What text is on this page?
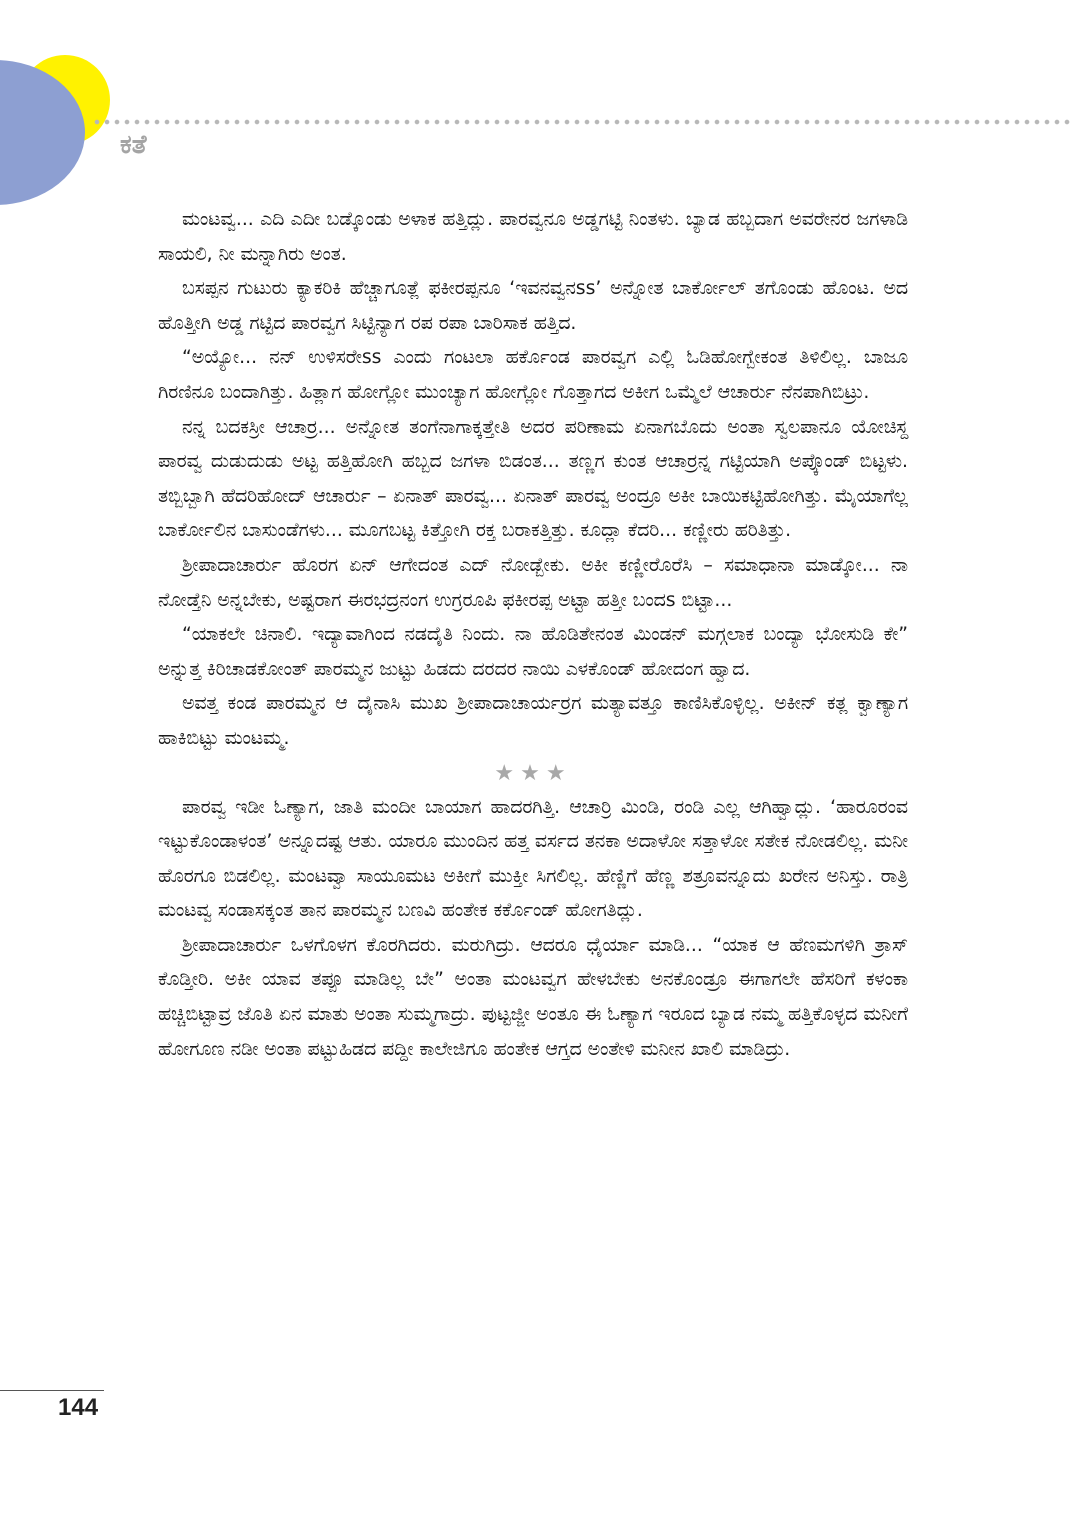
ಕತೆ

ಮಂಟವ್ವ... ಎದಿ ಎದೀ ಬಡ್ಕೊಂಡು ಅಳಾಕ ಹತ್ತಿದ್ಲು. ಪಾರವ್ವನೂ ಅಡ್ಡಗಟ್ಟಿ ನಿಂತಳು. ಬ್ಯಾಡ ಹಬ್ಬದಾಗ ಅವರೇನರ ಜಗಳಾಡಿ ಸಾಯಲಿ, ನೀ ಮನ್ನಾಗಿರು ಅಂತ.

ಬಸಪ್ಪನ ಗುಟುರು ಕ್ಯಾಕರಿಕಿ ಹೆಚ್ಚಾಗೂತ್ಲೆ ಫಕೀರಪ್ಪನೂ ‘ಇವನವ್ವನss’ ಅನ್ನೋತ ಬಾರ್ಕೋಲ್ ತಗೊಂಡು ಹೊಂಟ. ಅದ ಹೊತ್ತೀಗಿ ಅಡ್ಡ ಗಟ್ಟಿದ ಪಾರವ್ವಗ ಸಿಟ್ಟಿನ್ಯಾಗ ರಪ ರಪಾ ಬಾರಿಸಾಕ ಹತ್ತಿದ.

“ಅಯ್ಯೋ... ನನ್ ಉಳಿಸರೇss ಎಂದು ಗಂಟಲಾ ಹರ್ಕೊಂಡ ಪಾರವ್ವಗ ಎಲ್ಲಿ ಓಡಿಹೋಗ್ಬೇಕಂತ ತಿಳಿಲಿಲ್ಲ. ಬಾಜೂ ಗಿರಣಿನೂ ಬಂದಾಗಿತ್ತು. ಹಿತ್ಲಾಗ ಹೋಗ್ಲೋ ಮುಂಚ್ಯಾಗ ಹೋಗ್ಲೋ ಗೊತ್ತಾಗದ ಅಕೀಗ ಒಮ್ಮೆಲೆ ಆಚಾರ್ರು ನೆನಪಾಗಿಬಿಟ್ರು.

ನನ್ನ ಬದಕಸ್ರೀ ಆಚಾರ್ರ... ಅನ್ನೋತ ತಂಗೆನಾಗಾಕ್ಕತ್ತೇತಿ ಅದರ ಪರಿಣಾಮ ಏನಾಗಬೊದು ಅಂತಾ ಸ್ವಲಪಾನೂ ಯೋಚಿಸ್ದ ಪಾರವ್ವ ದುಡುದುಡು ಅಟ್ಟ ಹತ್ತಿಹೋಗಿ ಹಬ್ಬದ ಜಗಳಾ ಬಿಡಂತ... ತಣ್ಣಗ ಕುಂತ ಆಚಾರ್ರನ್ನ ಗಟ್ಟಿಯಾಗಿ ಅಪ್ಕೊಂಡ್ ಬಿಟ್ಟಳು. ತಬ್ಬಿಬ್ಬಾಗಿ ಹೆದರಿಹೋದ್ ಆಚಾರ್ರು – ಏನಾತ್ ಪಾರವ್ವ... ಏನಾತ್ ಪಾರವ್ವ ಅಂದ್ರೂ ಅಕೀ ಬಾಯಿಕಟ್ಟಿಹೋಗಿತ್ತು. ಮೈಯಾಗೆಲ್ಲ ಬಾರ್ಕೋಲಿನ ಬಾಸುಂಡೆಗಳು... ಮೂಗಬಟ್ಟ ಕಿತ್ತೋಗಿ ರಕ್ತ ಬರಾಕತ್ತಿತ್ತು. ಕೂದ್ಲಾ ಕೆದರಿ... ಕಣ್ಣೀರು ಹರಿತಿತ್ತು.

ಶ್ರೀಪಾದಾಚಾರ್ರು ಹೊರಗ ಏನ್ ಆಗೇದಂತ ಎದ್ ನೋಡ್ಬೇಕು. ಅಕೀ ಕಣ್ಣೀರೊರೆಸಿ – ಸಮಾಧಾನಾ ಮಾಡ್ಕೋ... ನಾ ನೋಡ್ತೆನಿ ಅನ್ನಬೇಕು, ಅಷ್ಟರಾಗ ಈರಭದ್ರನಂಗ ಉಗ್ರರೂಪಿ ಫಕೀರಪ್ಪ ಅಟ್ಟಾ ಹತ್ತೀ ಬಂದs ಬಿಟ್ಟಾ...

“ಯಾಕಲೇ ಚಿನಾಲಿ. ಇದ್ಯಾವಾಗಿಂದ ನಡದೈತಿ ನಿಂದು. ನಾ ಹೊಡಿತೇನಂತ ಮಿಂಡನ್ ಮಗ್ಗಲಾಕ ಬಂದ್ಯಾ ಭೋಸುಡಿ ಕೇ” ಅನ್ನುತ್ತ ಕಿರಿಚಾಡಕೋಂತ್ ಪಾರಮ್ಮನ ಜುಟ್ಟು ಹಿಡದು ದರದರ ನಾಯಿ ಎಳಕೊಂಡ್ ಹೋದಂಗ ಹ್ವಾದ.

ಅವತ್ತ ಕಂಡ ಪಾರಮ್ಮನ ಆ ದೈನಾಸಿ ಮುಖ ಶ್ರೀಪಾದಾಚಾರ್ಯರ್ರಗ ಮತ್ಯಾವತ್ತೂ ಕಾಣಿಸಿಕೊಳ್ಳಿಲ್ಲ. ಅಕೀನ್ ಕತ್ಲ ಕ್ವಾಣ್ಯಾಗ ಹಾಕಿಬಿಟ್ಟು ಮಂಟಮ್ಮ.

★★★

ಪಾರವ್ವ ಇಡೀ ಓಣ್ಯಾಗ, ಜಾತಿ ಮಂದೀ ಬಾಯಾಗ ಹಾದರಗಿತ್ತಿ. ಆಚಾರ್ರಿ ಮಿಂಡಿ, ರಂಡಿ ಎಲ್ಲ ಆಗಿಹ್ವಾದ್ಲು. ‘ಹಾರೂರಂವ ಇಟ್ಟುಕೊಂಡಾಳಂತ’ ಅನ್ನೂದಷ್ಟ ಆತು. ಯಾರೂ ಮುಂದಿನ ಹತ್ತ ವರ್ಸದ ತನಕಾ ಅದಾಳೋ ಸತ್ತಾಳೋ ಸತೇಕ ನೋಡಲಿಲ್ಲ. ಮನೀ ಹೊರಗೂ ಬಿಡಲಿಲ್ಲ. ಮಂಟವ್ವಾ ಸಾಯೂಮಟ ಅಕೀಗೆ ಮುಕ್ತೀ ಸಿಗಲಿಲ್ಲ. ಹೆಣ್ಣಿಗೆ ಹೆಣ್ಣ ಶತ್ರೂವನ್ನೂದು ಖರೇನ ಅನಿಸ್ತು. ರಾತ್ರಿ ಮಂಟವ್ವ ಸಂಡಾಸಕ್ಕಂತ ತಾನ ಪಾರಮ್ಮನ ಬಣವಿ ಹಂತೇಕ ಕರ್ಕೊಂಡ್ ಹೋಗತಿದ್ಲು.

ಶ್ರೀಪಾದಾಚಾರ್ರು ಒಳಗೊಳಗ ಕೊರಗಿದರು. ಮರುಗಿದ್ರು. ಆದರೂ ಧೈರ್ಯಾ ಮಾಡಿ... “ಯಾಕ ಆ ಹೆಣಮಗಳಿಗಿ ತ್ರಾಸ್ ಕೊಡ್ತೀರಿ. ಅಕೀ ಯಾವ ತಪ್ಪೂ ಮಾಡಿಲ್ಲ ಬೇ” ಅಂತಾ ಮಂಟವ್ವಗ ಹೇಳಬೇಕು ಅನಕೊಂಡ್ರೂ ಈಗಾಗಲೇ ಹೆಸರಿಗೆ ಕಳಂಕಾ ಹಚ್ಚಿಬಿಟ್ಟಾವ್ರ ಜೊತಿ ಏನ ಮಾತು ಅಂತಾ ಸುಮ್ಮಗಾದ್ರು. ಪುಟ್ಟಜ್ಜೀ ಅಂತೂ ಈ ಓಣ್ಯಾಗ ಇರೂದ ಬ್ಯಾಡ ನಮ್ಮ ಹತ್ತಿಕೊಳ್ಳದ ಮನೀಗೆ ಹೋಗೂಣ ನಡೀ ಅಂತಾ ಪಟ್ಟುಹಿಡದ ಪದ್ದೀ ಕಾಲೇಜಿಗೂ ಹಂತೇಕ ಆಗ್ತದ ಅಂತೇಳಿ ಮನೀನ ಖಾಲಿ ಮಾಡಿದ್ರು.

144
